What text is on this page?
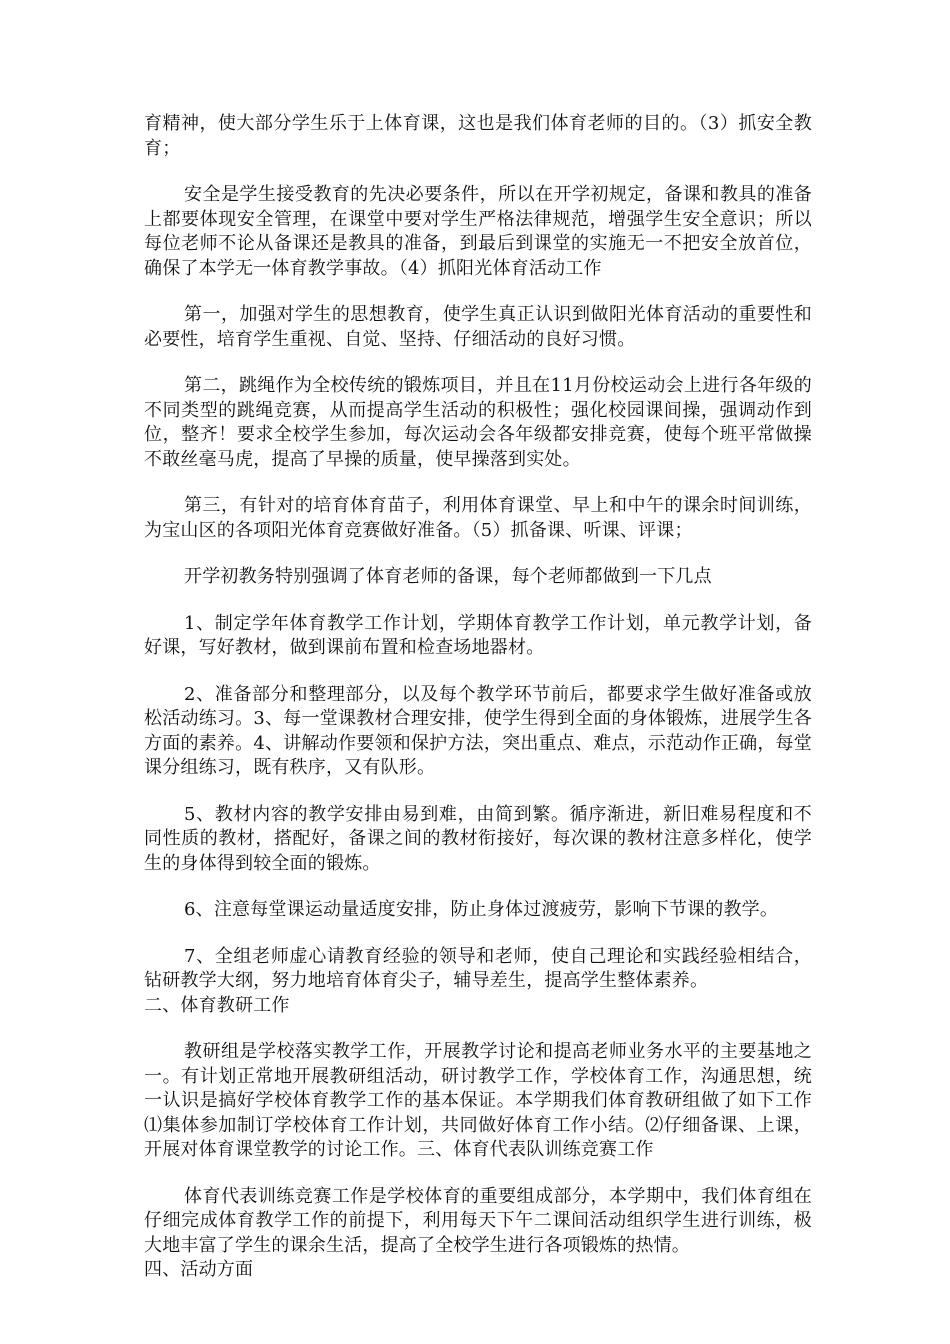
育精神，使大部分学生乐于上体育课，这也是我们体育老师的目的。（3）抓安全教育；

安全是学生接受教育的先决必要条件，所以在开学初规定，备课和教具的准备上都要体现安全管理，在课堂中要对学生严格法律规范，增强学生安全意识；所以每位老师不论从备课还是教具的准备，到最后到课堂的实施无一不把安全放首位，确保了本学无一体育教学事故。（4）抓阳光体育活动工作

第一，加强对学生的思想教育，使学生真正认识到做阳光体育活动的重要性和必要性，培育学生重视、自觉、坚持、仔细活动的良好习惯。

第二，跳绳作为全校传统的锻炼项目，并且在11月份校运动会上进行各年级的不同类型的跳绳竞赛，从而提高学生活动的积极性；强化校园课间操，强调动作到位，整齐！要求全校学生参加，每次运动会各年级都安排竞赛，使每个班平常做操不敢丝毫马虎，提高了早操的质量，使早操落到实处。

第三，有针对的培育体育苗子，利用体育课堂、早上和中午的课余时间训练，为宝山区的各项阳光体育竞赛做好准备。（5）抓备课、听课、评课；

开学初教务特别强调了体育老师的备课，每个老师都做到一下几点

1、制定学年体育教学工作计划，学期体育教学工作计划，单元教学计划，备好课，写好教材，做到课前布置和检查场地器材。

2、准备部分和整理部分，以及每个教学环节前后，都要求学生做好准备或放松活动练习。3、每一堂课教材合理安排，使学生得到全面的身体锻炼，进展学生各方面的素养。4、讲解动作要领和保护方法，突出重点、难点，示范动作正确，每堂课分组练习，既有秩序，又有队形。

5、教材内容的教学安排由易到难，由简到繁。循序渐进，新旧难易程度和不同性质的教材，搭配好，备课之间的教材衔接好，每次课的教材注意多样化，使学生的身体得到较全面的锻炼。

6、注意每堂课运动量适度安排，防止身体过渡疲劳，影响下节课的教学。

7、全组老师虚心请教育经验的领导和老师，使自己理论和实践经验相结合，钻研教学大纲，努力地培育体育尖子，辅导差生，提高学生整体素养。

二、体育教研工作

教研组是学校落实教学工作，开展教学讨论和提高老师业务水平的主要基地之一。有计划正常地开展教研组活动，研讨教学工作，学校体育工作，沟通思想，统一认识是搞好学校体育教学工作的基本保证。本学期我们体育教研组做了如下工作⑴集体参加制订学校体育工作计划，共同做好体育工作小结。⑵仔细备课、上课，开展对体育课堂教学的讨论工作。三、体育代表队训练竞赛工作

体育代表训练竞赛工作是学校体育的重要组成部分，本学期中，我们体育组在仔细完成体育教学工作的前提下，利用每天下午二课间活动组织学生进行训练，极大地丰富了学生的课余生活，提高了全校学生进行各项锻炼的热情。

四、活动方面
